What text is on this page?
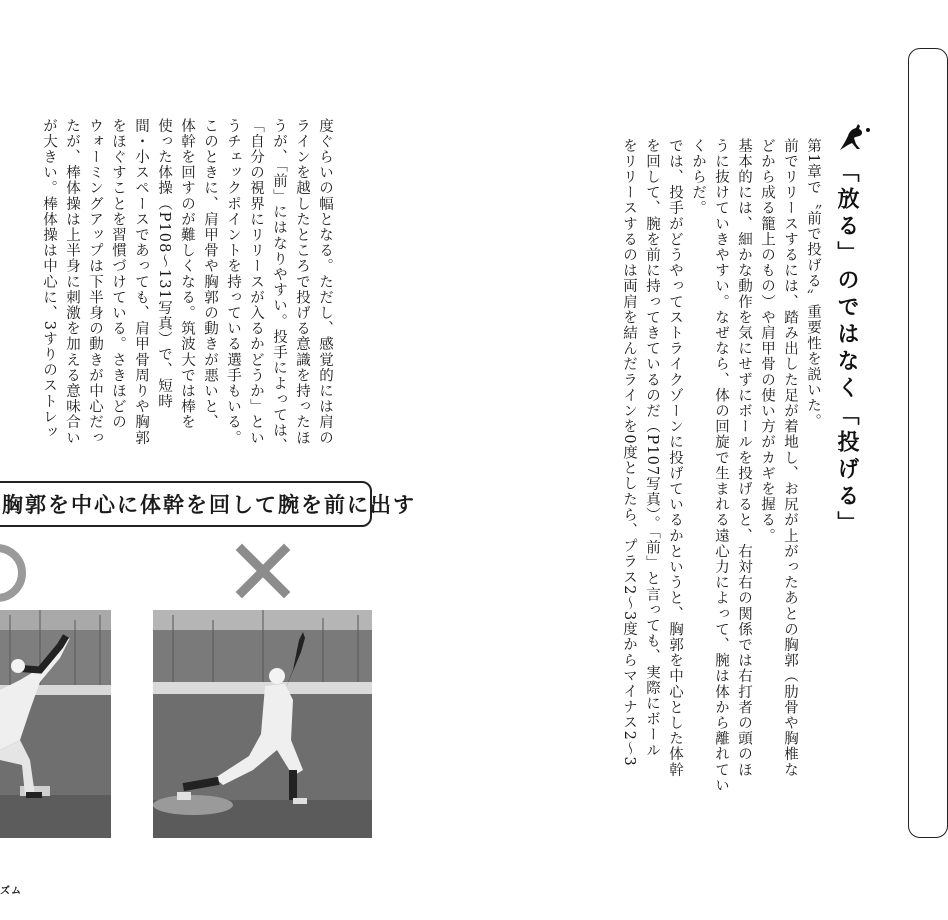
「放る」のではなく「投げる」

第1章で〝前で投げる〟重要性を説いた。

前でリリースするには、踏み出した足が着地し、お尻が上がったあとの胸郭（肋骨や胸椎な

どから成る籠上のもの）や肩甲骨の使い方がカギを握る。

基本的には、細かな動作を気にせずにボールを投げると、右対右の関係では右打者の頭のほ

うに抜けていきやすい。なぜなら、体の回旋で生まれる遠心力によって、腕は体から離れてい

くからだ。

では、投手がどうやってストライクゾーンに投げているかというと、胸郭を中心とした体幹

を回して、腕を前に持ってきているのだ（P107写真）。「前」と言っても、実際にボール

をリリースするのは両肩を結んだラインを0度としたら、プラス2〜3度からマイナス2〜3

度ぐらいの幅となる。ただし、感覚的には肩の

ラインを越したところで投げる意識を持ったほ

うが、「前」にはなりやすい。投手によっては、

「自分の視界にリリースが入るかどうか」とい

うチェックポイントを持っている選手もいる。

このときに、肩甲骨や胸郭の動きが悪いと、

体幹を回すのが難しくなる。筑波大では棒を

使った体操（P108〜131写真）で、短時

間・小スペースであっても、肩甲骨周りや胸郭

をほぐすことを習慣づけている。さきほどの

ウォーミングアップは下半身の動きが中心だっ

たが、棒体操は上半身に刺激を加える意味合い

が大きい。棒体操は中心に、3すりのストレッ

胸郭を中心に体幹を回して腕を前に出す
ズム
